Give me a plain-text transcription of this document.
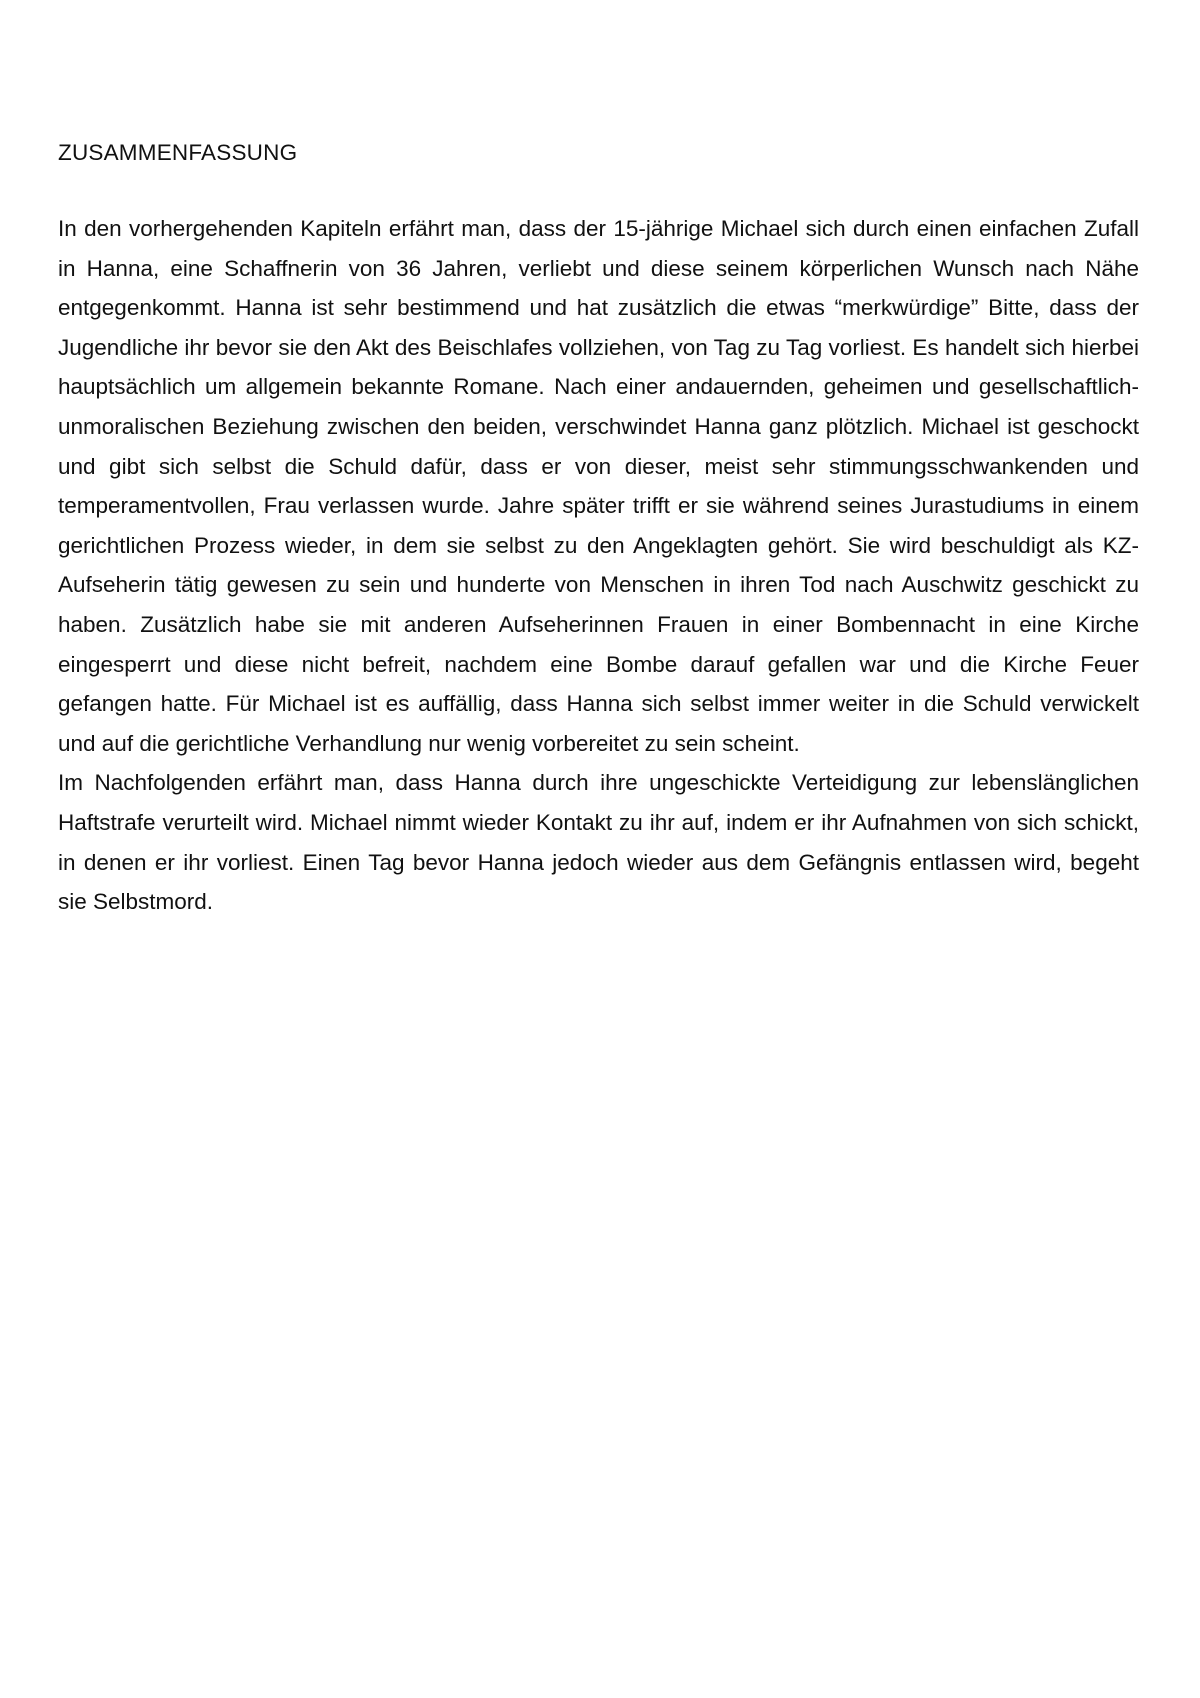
ZUSAMMENFASSUNG

In den vorhergehenden Kapiteln erfährt man, dass der 15-jährige Michael sich durch einen einfachen Zufall in Hanna, eine Schaffnerin von 36 Jahren, verliebt und diese seinem körperlichen Wunsch nach Nähe entgegenkommt. Hanna ist sehr bestimmend und hat zusätzlich die etwas “merkwürdige” Bitte, dass der Jugendliche ihr bevor sie den Akt des Beischlafes vollziehen, von Tag zu Tag vorliest. Es handelt sich hierbei hauptsächlich um allgemein bekannte Romane. Nach einer andauernden, geheimen und gesellschaftlich-unmoralischen Beziehung zwischen den beiden, verschwindet Hanna ganz plötzlich. Michael ist geschockt und gibt sich selbst die Schuld dafür, dass er von dieser, meist sehr stimmungsschwankenden und temperamentvollen, Frau verlassen wurde. Jahre später trifft er sie während seines Jurastudiums in einem gerichtlichen Prozess wieder, in dem sie selbst zu den Angeklagten gehört. Sie wird beschuldigt als KZ-Aufseherin tätig gewesen zu sein und hunderte von Menschen in ihren Tod nach Auschwitz geschickt zu haben. Zusätzlich habe sie mit anderen Aufseherinnen Frauen in einer Bombennacht in eine Kirche eingesperrt und diese nicht befreit, nachdem eine Bombe darauf gefallen war und die Kirche Feuer gefangen hatte. Für Michael ist es auffällig, dass Hanna sich selbst immer weiter in die Schuld verwickelt und auf die gerichtliche Verhandlung nur wenig vorbereitet zu sein scheint.

Im Nachfolgenden erfährt man, dass Hanna durch ihre ungeschickte Verteidigung zur lebenslänglichen Haftstrafe verurteilt wird. Michael nimmt wieder Kontakt zu ihr auf, indem er ihr Aufnahmen von sich schickt, in denen er ihr vorliest. Einen Tag bevor Hanna jedoch wieder aus dem Gefängnis entlassen wird, begeht sie Selbstmord.
